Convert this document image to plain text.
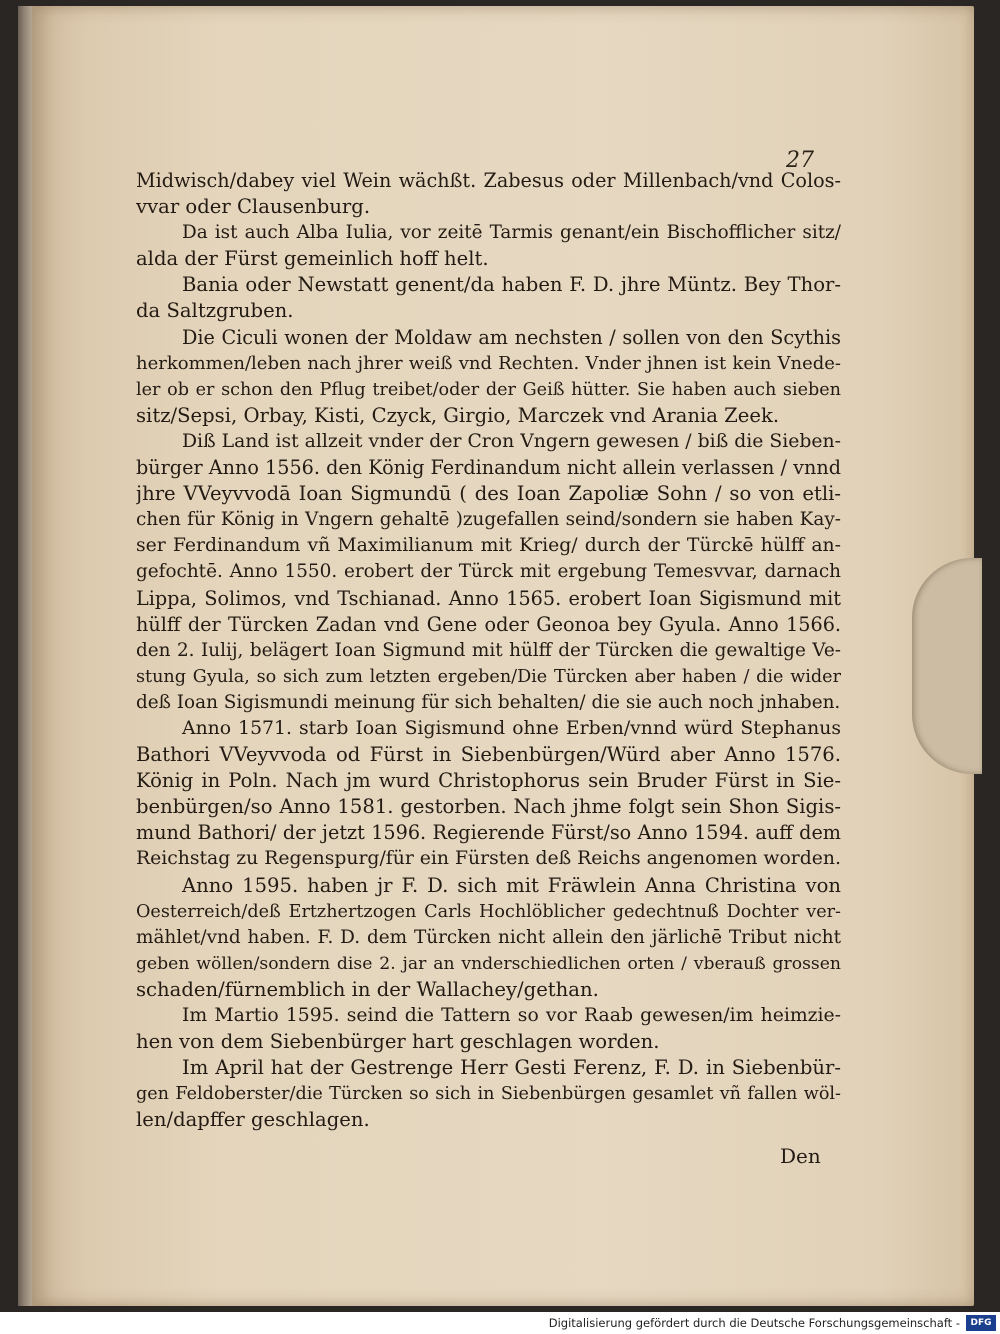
27
Midwisch/dabey viel Wein wächßt. Zabesus oder Millenbach/vnd Colos-
vvar oder Clausenburg.
Da ist auch Alba Iulia, vor zeitē Tarmis genant/ein Bischofflicher sitz/
alda der Fürst gemeinlich hoff helt.
Bania oder Newstatt genent/da haben F. D. jhre Müntz. Bey Thor-
da Saltzgruben.
Die Ciculi wonen der Moldaw am nechsten / sollen von den Scythis
herkommen/leben nach jhrer weiß vnd Rechten. Vnder jhnen ist kein Vnede-
ler ob er schon den Pflug treibet/oder der Geiß hütter. Sie haben auch sieben
sitz/Sepsi, Orbay, Kisti, Czyck, Girgio, Marczek vnd Arania Zeek.
Diß Land ist allzeit vnder der Cron Vngern gewesen / biß die Sieben-
bürger Anno 1556. den König Ferdinandum nicht allein verlassen / vnnd
jhre VVeyvvodā Ioan Sigmundū ( des Ioan Zapoliæ Sohn / so von etli-
chen für König in Vngern gehaltē )zugefallen seind/sondern sie haben Kay-
ser Ferdinandum vñ Maximilianum mit Krieg/ durch der Türckē hülff an-
gefochtē. Anno 1550. erobert der Türck mit ergebung Temesvvar, darnach
Lippa, Solimos, vnd Tschianad. Anno 1565. erobert Ioan Sigismund mit
hülff der Türcken Zadan vnd Gene oder Geonoa bey Gyula. Anno 1566.
den 2. Iulij, belägert Ioan Sigmund mit hülff der Türcken die gewaltige Ve-
stung Gyula, so sich zum letzten ergeben/Die Türcken aber haben / die wider
deß Ioan Sigismundi meinung für sich behalten/ die sie auch noch jnhaben.
Anno 1571. starb Ioan Sigismund ohne Erben/vnnd würd Stephanus
Bathori VVeyvvoda od Fürst in Siebenbürgen/Würd aber Anno 1576.
König in Poln. Nach jm wurd Christophorus sein Bruder Fürst in Sie-
benbürgen/so Anno 1581. gestorben. Nach jhme folgt sein Shon Sigis-
mund Bathori/ der jetzt 1596. Regierende Fürst/so Anno 1594. auff dem
Reichstag zu Regenspurg/für ein Fürsten deß Reichs angenomen worden.
Anno 1595. haben jr F. D. sich mit Fräwlein Anna Christina von
Oesterreich/deß Ertzhertzogen Carls Hochlöblicher gedechtnuß Dochter ver-
mählet/vnd haben. F. D. dem Türcken nicht allein den järlichē Tribut nicht
geben wöllen/sondern dise 2. jar an vnderschiedlichen orten / vberauß grossen
schaden/fürnemblich in der Wallachey/gethan.
Im Martio 1595. seind die Tattern so vor Raab gewesen/im heimzie-
hen von dem Siebenbürger hart geschlagen worden.
Im April hat der Gestrenge Herr Gesti Ferenz, F. D. in Siebenbür-
gen Feldoberster/die Türcken so sich in Siebenbürgen gesamlet vñ fallen wöl-
len/dapffer geschlagen.
Den
Digitalisierung gefördert durch die Deutsche Forschungsgemeinschaft -	DFG
